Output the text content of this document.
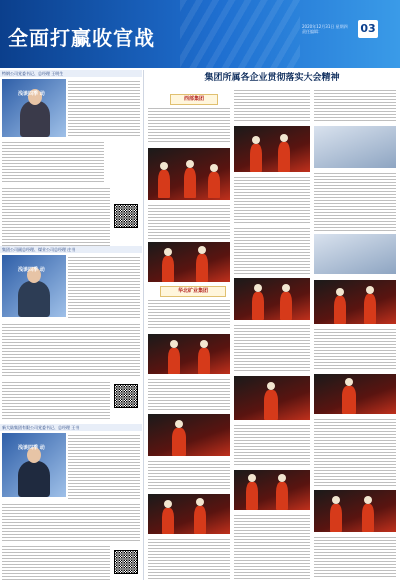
全面打赢收官战	2020年12月31日 星期四
责任编辑：	03
特钢公司党委书记、总经理 王明生
浅谈四季 动
集团公司副总经理、煤业公司总经理 庄书
浅谈四季 动
新大陆集团有限公司党委书记、总经理 王书
浅谈四季 动
集团所属各企业贯彻落实大会精神
西部集团
华北矿业集团
